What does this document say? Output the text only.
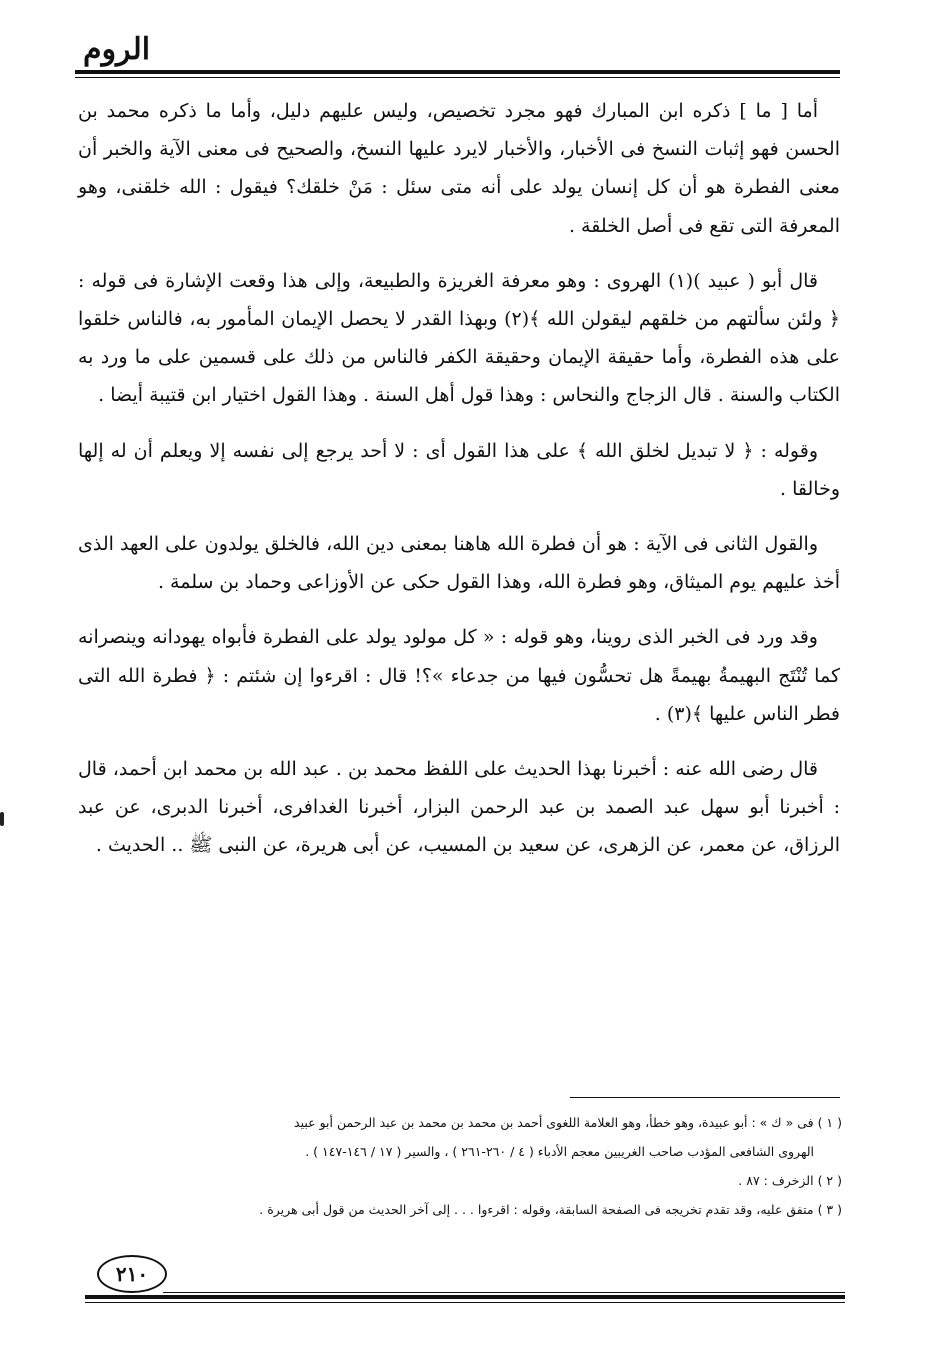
الروم

أما [ ما ] ذكره ابن المبارك فهو مجرد تخصيص، وليس عليهم دليل، وأما ما ذكره محمد بن الحسن فهو إثبات النسخ فى الأخبار، والأخبار لايرد عليها النسخ، والصحيح فى معنى الآية والخبر أن معنى الفطرة هو أن كل إنسان يولد على أنه متى سئل : مَنْ خلقك؟ فيقول : الله خلقنى، وهو المعرفة التى تقع فى أصل الخلقة .

قال أبو ( عبيد )(١) الهروى : وهو معرفة الغريزة والطبيعة، وإلى هذا وقعت الإشارة فى قوله : ﴿ ولئن سألتهم من خلقهم ليقولن الله ﴾(٢) وبهذا القدر لا يحصل الإيمان المأمور به، فالناس خلقوا على هذه الفطرة، وأما حقيقة الإيمان وحقيقة الكفر فالناس من ذلك على قسمين على ما ورد به الكتاب والسنة . قال الزجاج والنحاس : وهذا قول أهل السنة . وهذا القول اختيار ابن قتيبة أيضا .

وقوله : ﴿ لا تبديل لخلق الله ﴾ على هذا القول أى : لا أحد يرجع إلى نفسه إلا ويعلم أن له إلها وخالقا .

والقول الثانى فى الآية : هو أن فطرة الله هاهنا بمعنى دين الله، فالخلق يولدون على العهد الذى أخذ عليهم يوم الميثاق، وهو فطرة الله، وهذا القول حكى عن الأوزاعى وحماد بن سلمة .

وقد ورد فى الخبر الذى روينا، وهو قوله : « كل مولود يولد على الفطرة فأبواه يهودانه وينصرانه كما تُنْتَج البهيمةُ بهيمةً هل تحسُّون فيها من جدعاء »؟! قال : اقرءوا إن شئتم : ﴿ فطرة الله التى فطر الناس عليها ﴾(٣) .

قال رضى الله عنه : أخبرنا بهذا الحديث على اللفظ محمد بن . عبد الله بن محمد ابن أحمد، قال : أخبرنا أبو سهل عبد الصمد بن عبد الرحمن البزار، أخبرنا الغدافرى، أخبرنا الدبرى، عن عبد الرزاق، عن معمر، عن الزهرى، عن سعيد بن المسيب، عن أبى هريرة، عن النبى ﷺ .. الحديث .

( ١ ) فى « ك » : أبو عبيدة، وهو خطأ، وهو العلامة اللغوى أحمد بن محمد بن محمد بن عبد الرحمن أبو عبيد

الهروى الشافعى المؤدب صاحب الغريبين معجم الأدباء ( ٤ / ٢٦٠-٢٦١ ) ، والسير ( ١٧ / ١٤٦-١٤٧ ) .

( ٢ ) الزخرف : ٨٧ .

( ٣ ) متفق عليه، وقد تقدم تخريجه فى الصفحة السابقة، وقوله : اقرءوا . . . إلى آخر الحديث من قول أبى هريرة .

٢١٠
